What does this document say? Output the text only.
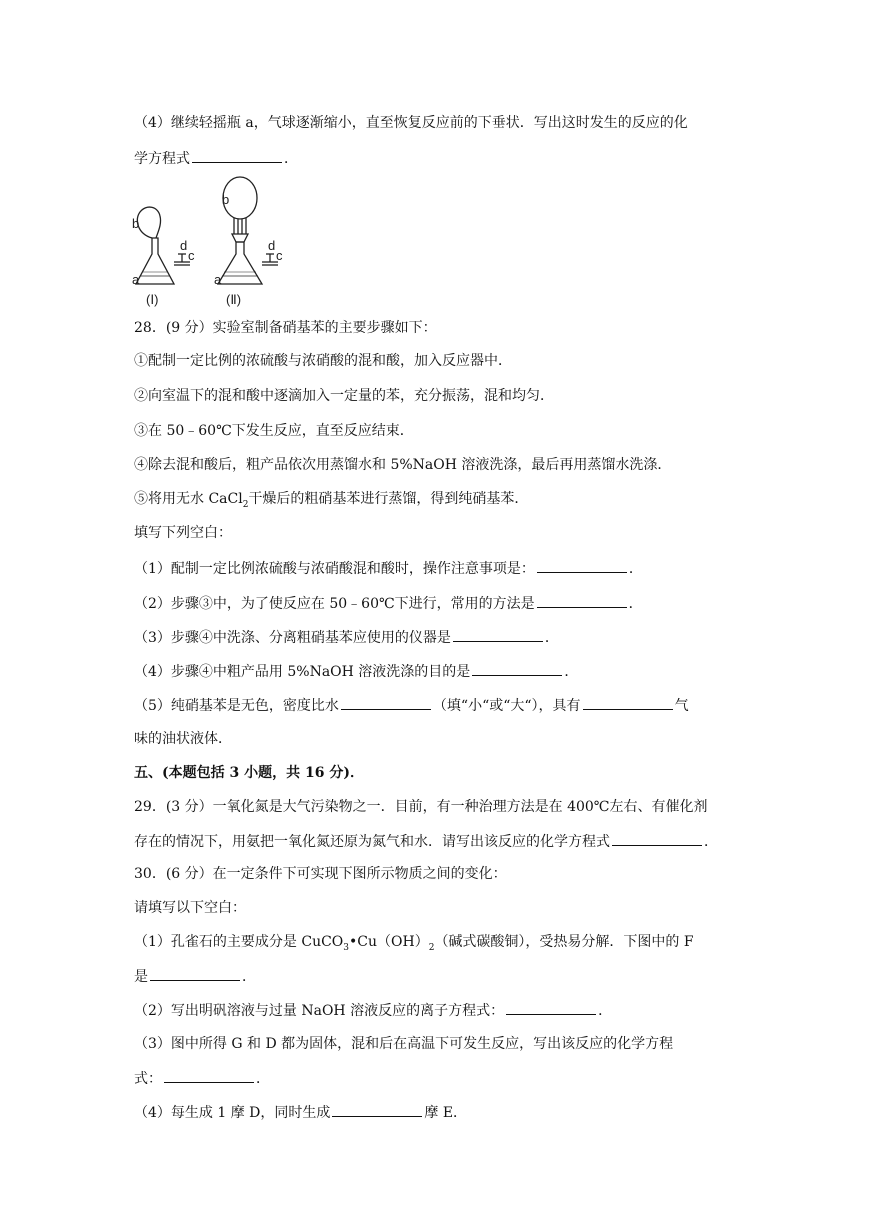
（4）继续轻摇瓶 a，气球逐渐缩小，直至恢复反应前的下垂状．写出这时发生的反应的化
学方程式	．
b
d
c
a
(Ⅰ)
b
d
c
a
(Ⅱ)
28．(9 分）实验室制备硝基苯的主要步骤如下：
①配制一定比例的浓硫酸与浓硝酸的混和酸，加入反应器中．
②向室温下的混和酸中逐滴加入一定量的苯，充分振荡，混和均匀．
③在 50﹣60℃下发生反应，直至反应结束．
④除去混和酸后，粗产品依次用蒸馏水和 5%NaOH 溶液洗涤，最后再用蒸馏水洗涤．
⑤将用无水 CaCl$_2$干燥后的粗硝基苯进行蒸馏，得到纯硝基苯．
填写下列空白：
（1）配制一定比例浓硫酸与浓硝酸混和酸时，操作注意事项是：	．
（2）步骤③中，为了使反应在 50﹣60℃下进行，常用的方法是	．
（3）步骤④中洗涤、分离粗硝基苯应使用的仪器是	．
（4）步骤④中粗产品用 5%NaOH 溶液洗涤的目的是	．
（5）纯硝基苯是无色，密度比水	（填“小“或“大“），具有	气
味的油状液体．
五、(本题包括 3 小题，共 16 分)．
29．(3 分）一氧化氮是大气污染物之一．目前，有一种治理方法是在 400℃左右、有催化剂
存在的情况下，用氨把一氧化氮还原为氮气和水．请写出该反应的化学方程式	．
30．(6 分）在一定条件下可实现下图所示物质之间的变化：
请填写以下空白：
（1）孔雀石的主要成分是 $CuCO_3•Cu(OH)_2$（碱式碳酸铜），受热易分解．下图中的 F
是	．
（2）写出明矾溶液与过量 NaOH 溶液反应的离子方程式：	．
（3）图中所得 G 和 D 都为固体，混和后在高温下可发生反应，写出该反应的化学方程
式：	．
（4）每生成 1 摩 D，同时生成	摩 E．
